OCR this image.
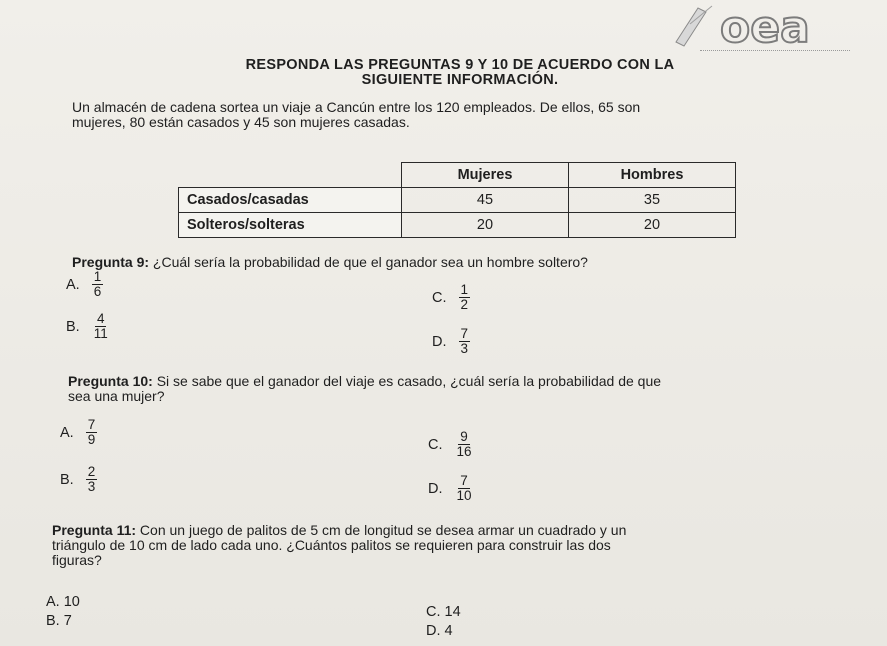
oea
RESPONDA LAS PREGUNTAS 9 Y 10 DE ACUERDO CON LA
SIGUIENTE INFORMACIÓN.
Un almacén de cadena sortea un viaje a Cancún entre los 120 empleados. De ellos, 65 son
mujeres, 80 están casados y 45 son mujeres casadas.
	Mujeres	Hombres
Casados/casadas	45	35
Solteros/solteras	20	20
Pregunta 9: ¿Cuál sería la probabilidad de que el ganador sea un hombre soltero?
A. $\frac{1}{6}$
B. $\frac{4}{11}$
C. $\frac{1}{2}$
D. $\frac{7}{3}$
Pregunta 10: Si se sabe que el ganador del viaje es casado, ¿cuál sería la probabilidad de que
sea una mujer?
A. $\frac{7}{9}$
B. $\frac{2}{3}$
C. $\frac{9}{16}$
D. $\frac{7}{10}$
Pregunta 11: Con un juego de palitos de 5 cm de longitud se desea armar un cuadrado y un
triángulo de 10 cm de lado cada uno. ¿Cuántos palitos se requieren para construir las dos
figuras?
A. 10
B. 7
C. 14
D. 4
